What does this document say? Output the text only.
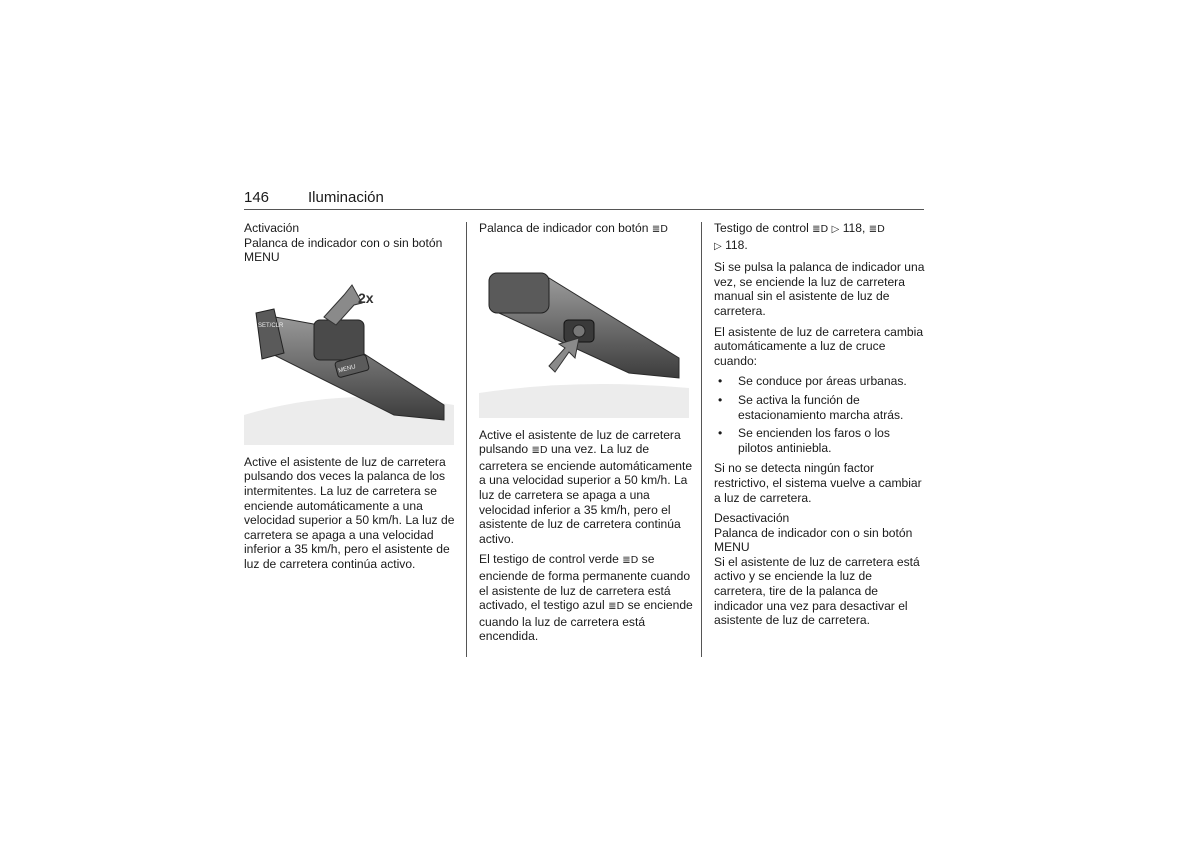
146	Iluminación
Activación
Palanca de indicador con o sin botón MENU
MENU
SET/CLR
2x

Active el asistente de luz de carretera pulsando dos veces la palanca de los intermitentes. La luz de carretera se enciende automáticamente a una velocidad superior a 50 km/h. La luz de carretera se apaga a una velocidad inferior a 35 km/h, pero el asistente de luz de carretera continúa activo.

Palanca de indicador con botón ≣D

Active el asistente de luz de carretera pulsando ≣D una vez. La luz de carretera se enciende automáticamente a una velocidad superior a 50 km/h. La luz de carretera se apaga a una velocidad inferior a 35 km/h, pero el asistente de luz de carretera continúa activo.

El testigo de control verde ≣D se enciende de forma permanente cuando el asistente de luz de carretera está activado, el testigo azul ≣D se enciende cuando la luz de carretera está encendida.

Testigo de control ≣D ▷ 118, ≣D
▷ 118.

Si se pulsa la palanca de indicador una vez, se enciende la luz de carretera manual sin el asistente de luz de carretera.

El asistente de luz de carretera cambia automáticamente a luz de cruce cuando:

• Se conduce por áreas urbanas.
• Se activa la función de estacionamiento marcha atrás.
• Se encienden los faros o los pilotos antiniebla.

Si no se detecta ningún factor restrictivo, el sistema vuelve a cambiar a luz de carretera.

Desactivación
Palanca de indicador con o sin botón MENU

Si el asistente de luz de carretera está activo y se enciende la luz de carretera, tire de la palanca de indicador una vez para desactivar el asistente de luz de carretera.
